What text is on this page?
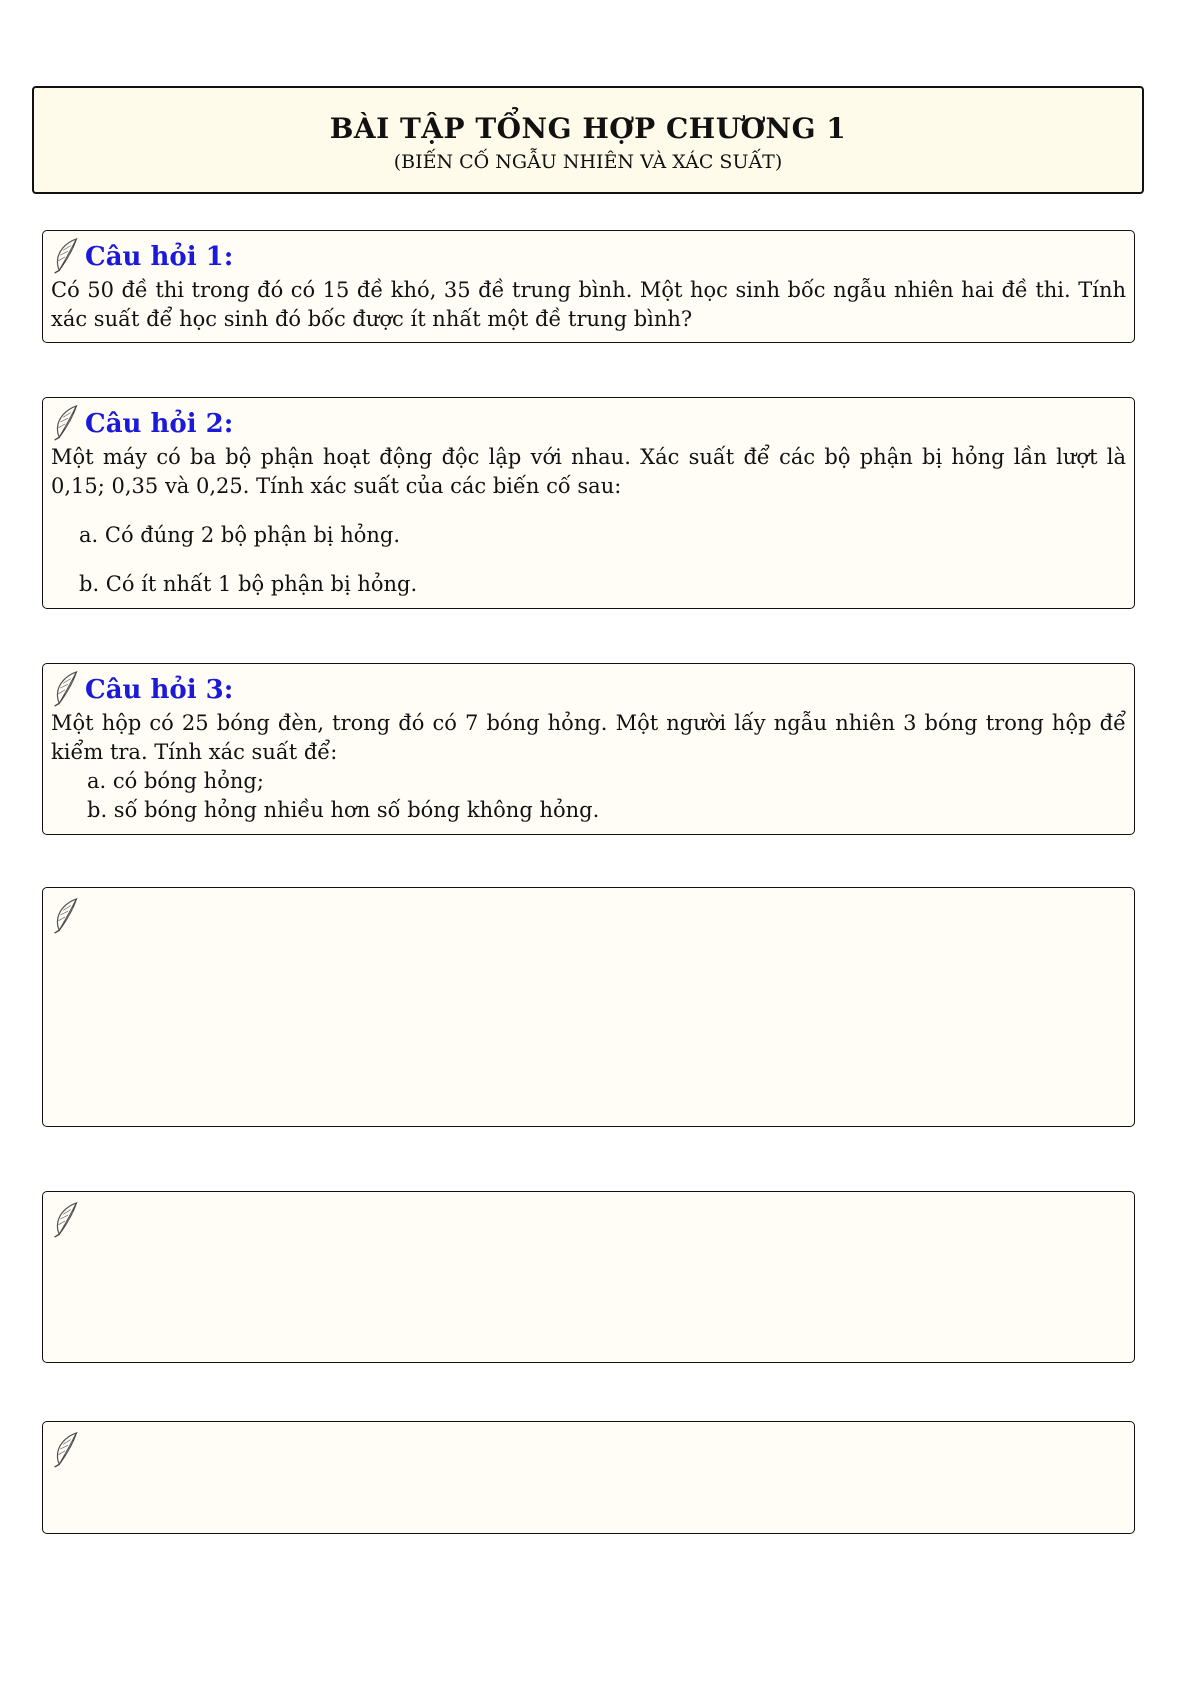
BÀI TẬP TỔNG HỢP CHƯƠNG 1
(BIẾN CỐ NGẪU NHIÊN VÀ XÁC SUẤT)
Câu hỏi 1:
Có 50 đề thi trong đó có 15 đề khó, 35 đề trung bình. Một học sinh bốc ngẫu nhiên hai đề thi. Tính xác suất để học sinh đó bốc được ít nhất một đề trung bình?
Câu hỏi 2:
Một máy có ba bộ phận hoạt động độc lập với nhau. Xác suất để các bộ phận bị hỏng lần lượt là 0,15; 0,35 và 0,25. Tính xác suất của các biến cố sau:
a. Có đúng 2 bộ phận bị hỏng.
b. Có ít nhất 1 bộ phận bị hỏng.
Câu hỏi 3:
Một hộp có 25 bóng đèn, trong đó có 7 bóng hỏng. Một người lấy ngẫu nhiên 3 bóng trong hộp để kiểm tra. Tính xác suất để:
a. có bóng hỏng;
b. số bóng hỏng nhiều hơn số bóng không hỏng.
